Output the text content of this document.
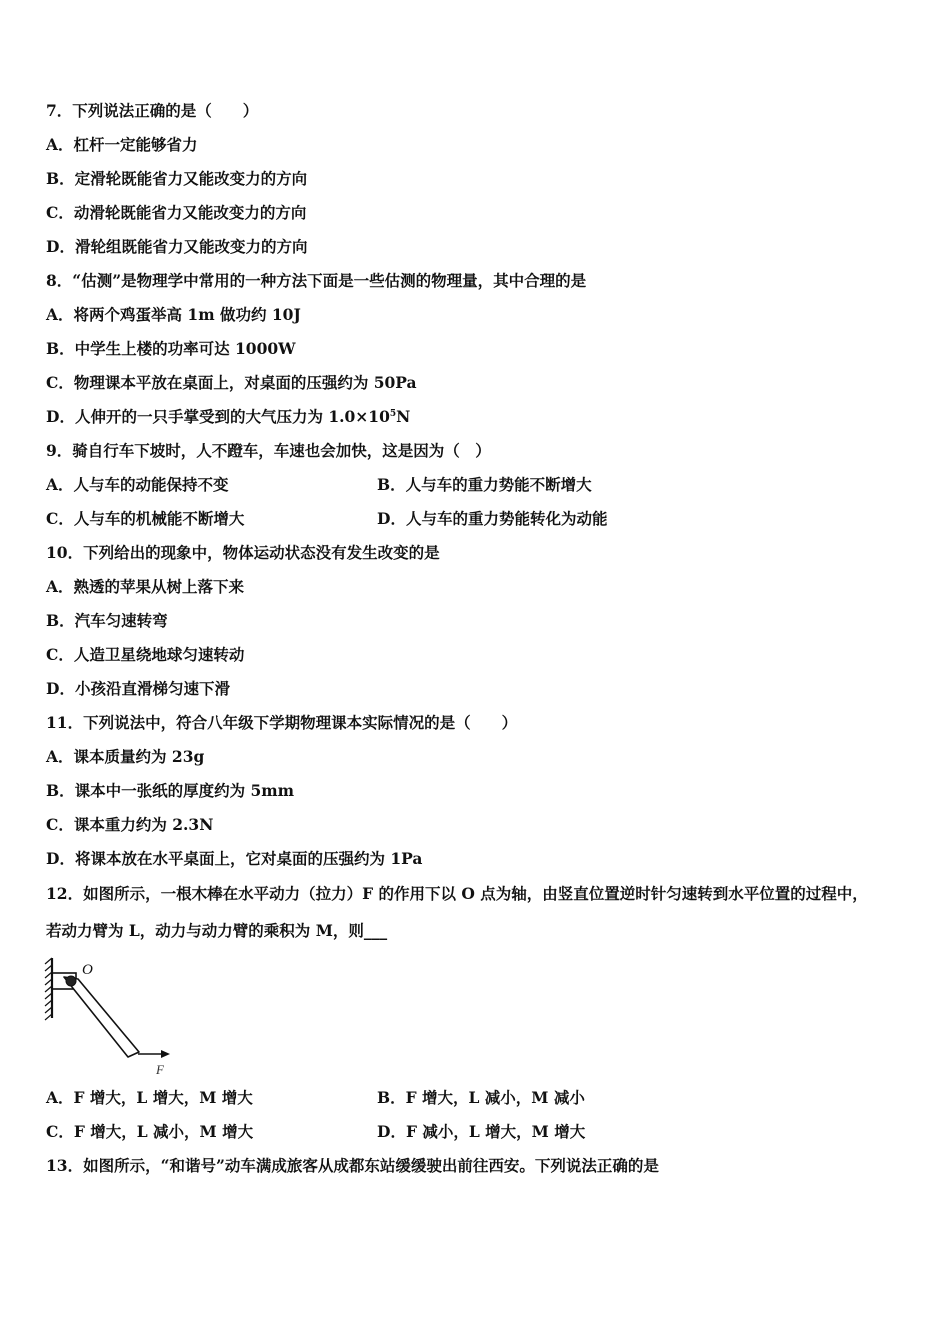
7．下列说法正确的是（　　）
A．杠杆一定能够省力
B．定滑轮既能省力又能改变力的方向
C．动滑轮既能省力又能改变力的方向
D．滑轮组既能省力又能改变力的方向
8．“估测”是物理学中常用的一种方法下面是一些估测的物理量，其中合理的是
A．将两个鸡蛋举高 1m 做功约 10J
B．中学生上楼的功率可达 1000W
C．物理课本平放在桌面上，对桌面的压强约为 50Pa
D．人伸开的一只手掌受到的大气压力为 $1.0\times 10^5N$
9．骑自行车下坡时，人不蹬车，车速也会加快，这是因为（　）
A．人与车的动能保持不变	B．人与车的重力势能不断增大
C．人与车的机械能不断增大	D．人与车的重力势能转化为动能
10．下列给出的现象中，物体运动状态没有发生改变的是
A．熟透的苹果从树上落下来
B．汽车匀速转弯
C．人造卫星绕地球匀速转动
D．小孩沿直滑梯匀速下滑
11．下列说法中，符合八年级下学期物理课本实际情况的是（　　）
A．课本质量约为 23g
B．课本中一张纸的厚度约为 5mm
C．课本重力约为 2.3N
D．将课本放在水平桌面上，它对桌面的压强约为 1Pa
12．如图所示，一根木棒在水平动力（拉力）F 的作用下以 O 点为轴，由竖直位置逆时针匀速转到水平位置的过程中，
若动力臂为 L，动力与动力臂的乘积为 M，则___
O
F
A．F 增大，L 增大，M 增大	B．F 增大，L 减小，M 减小
C．F 增大，L 减小，M 增大	D．F 减小，L 增大，M 增大
13．如图所示，“和谐号”动车满成旅客从成都东站缓缓驶出前往西安。下列说法正确的是
